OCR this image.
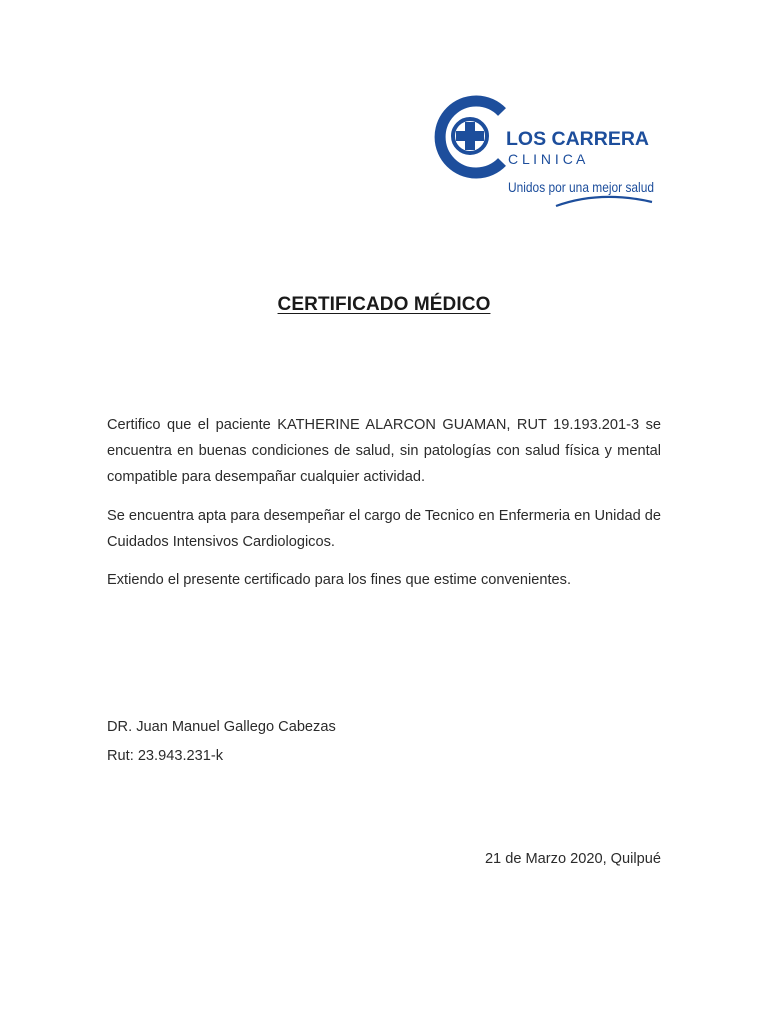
LOS CARRERA
C L I N I C A
Unidos por una mejor salud
CERTIFICADO MÉDICO

Certifico que el paciente KATHERINE ALARCON GUAMAN, RUT 19.193.201-3 se encuentra en buenas condiciones de salud, sin patologías con salud física y mental compatible para desempañar cualquier actividad.

Se encuentra apta para desempeñar el cargo de Tecnico en Enfermeria en Unidad de Cuidados Intensivos Cardiologicos.

Extiendo el presente certificado para los fines que estime convenientes.

DR. Juan Manuel Gallego Cabezas
Rut: 23.943.231-k
21 de Marzo 2020, Quilpué
